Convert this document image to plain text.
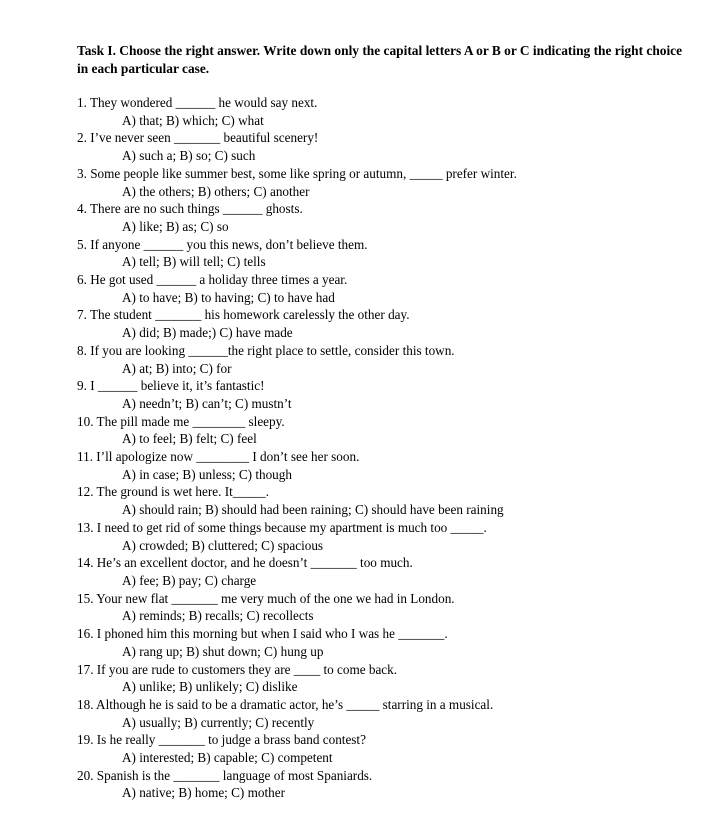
Task I. Choose the right answer. Write down only the capital letters A or B or C indicating the right choice in each particular case.

1. They wondered ______ he would say next.
A) that; B) which; C) what
2. I’ve never seen _______ beautiful scenery!
A) such a; B) so; C) such
3. Some people like summer best, some like spring or autumn, _____ prefer winter.
A) the others; B) others; C) another
4. There are no such things ______ ghosts.
A) like; B) as; C) so
5. If anyone ______ you this news, don’t believe them.
A) tell; B) will tell; C) tells
6. He got used ______ a holiday three times a year.
A) to have; B) to having; C) to have had
7. The student _______ his homework carelessly the other day.
A) did; B) made;) C) have made
8. If you are looking ______the right place to settle, consider this town.
A) at; B) into; C) for
9. I ______ believe it, it’s fantastic!
A) needn’t; B) can’t; C) mustn’t
10. The pill made me ________ sleepy.
A) to feel; B) felt; C) feel
11. I’ll apologize now ________ I don’t see her soon.
A) in case; B) unless; C) though
12. The ground is wet here. It_____.
A) should rain; B) should had been raining; C) should have been raining
13. I need to get rid of some things because my apartment is much too _____.
A) crowded; B) cluttered; C) spacious
14. He’s an excellent doctor, and he doesn’t _______ too much.
A) fee; B) pay; C) charge
15. Your new flat _______ me very much of the one we had in London.
A) reminds; B) recalls; C) recollects
16. I phoned him this morning but when I said who I was he _______.
A) rang up; B) shut down; C) hung up
17. If you are rude to customers they are ____ to come back.
A) unlike; B) unlikely; C) dislike
18. Although he is said to be a dramatic actor, he’s _____ starring in a musical.
A) usually; B) currently; C) recently
19. Is he really _______ to judge a brass band contest?
A) interested; B) capable; C) competent
20. Spanish is the _______ language of most Spaniards.
A) native; B) home; C) mother
